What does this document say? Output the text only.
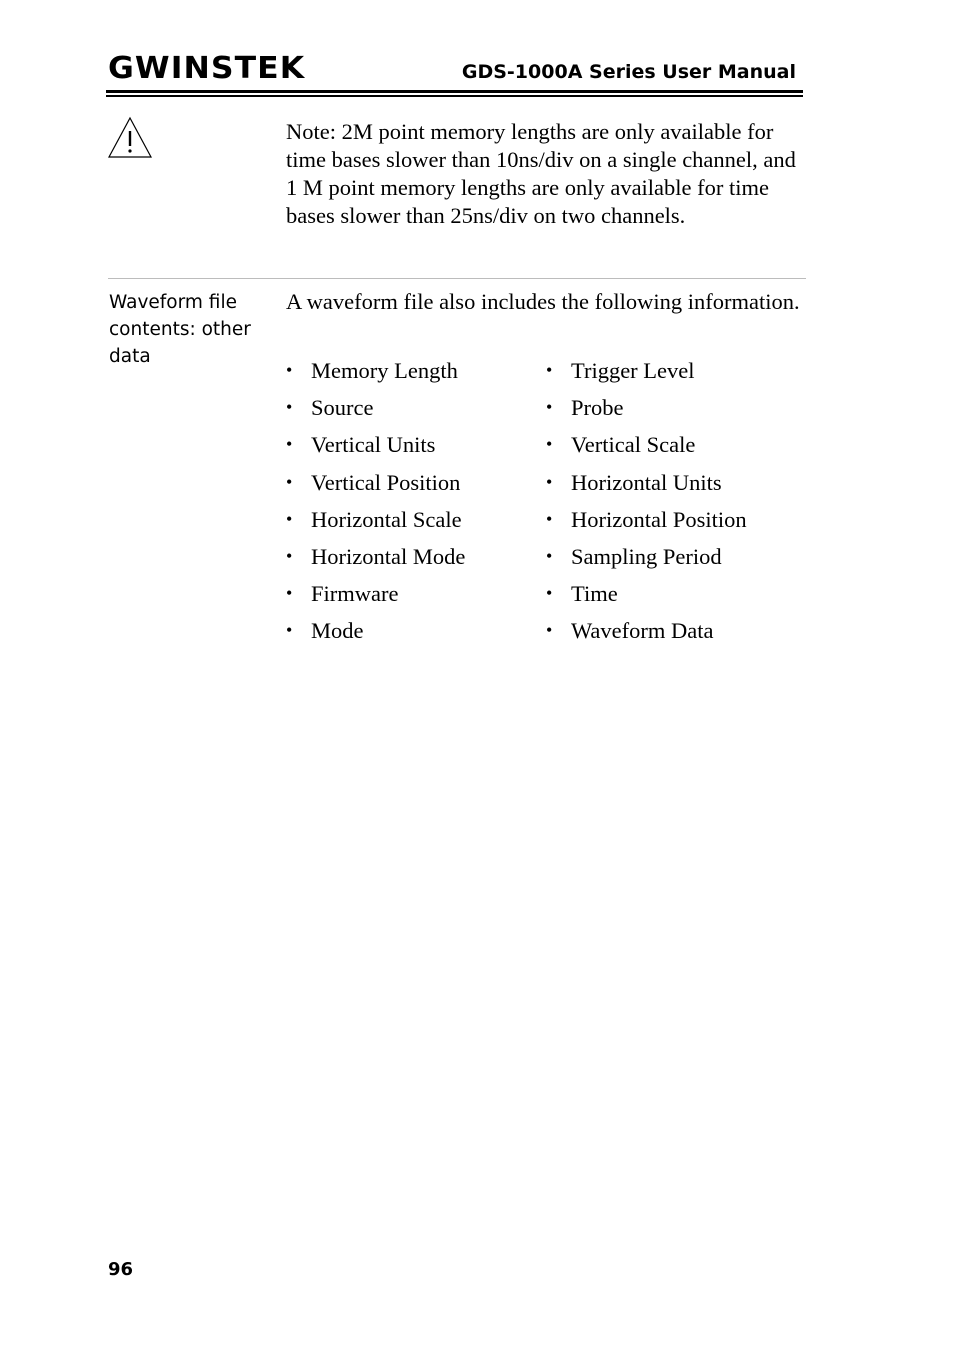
GWINSTEK	GDS-1000A Series User Manual
Note: 2M point memory lengths are only available for time bases slower than 10ns/div on a single channel, and 1 M point memory lengths are only available for time bases slower than 25ns/div on two channels.
Waveform file contents: other data
A waveform file also includes the following information.
• Memory Length
• Source
• Vertical Units
• Vertical Position
• Horizontal Scale
• Horizontal Mode
• Firmware
• Mode
• Trigger Level
• Probe
• Vertical Scale
• Horizontal Units
• Horizontal Position
• Sampling Period
• Time
• Waveform Data
96
